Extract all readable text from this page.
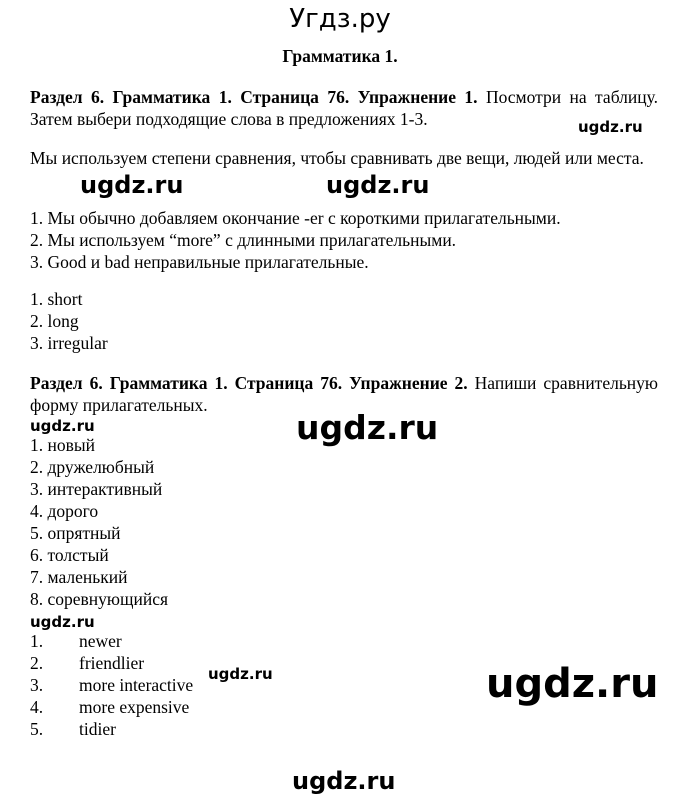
Угдз.ру
Грамматика 1.
Раздел 6. Грамматика 1. Страница 76. Упражнение 1. Посмотри на таблицу. Затем выбери подходящие слова в предложениях 1-3.
Мы используем степени сравнения, чтобы сравнивать две вещи, людей или места.
1. Мы обычно добавляем окончание -er с короткими прилагательными.
2. Мы используем “more” с длинными прилагательными.
3. Good и bad неправильные прилагательные.
1. short
2. long
3. irregular
Раздел 6. Грамматика 1. Страница 76. Упражнение 2. Напиши сравнительную форму прилагательных.
1. новый
2. дружелюбный
3. интерактивный
4. дорого
5. опрятный
6. толстый
7. маленький
8. соревнующийся
1. newer
2. friendlier
3. more interactive
4. more expensive
5. tidier
ugdz.ru
ugdz.ru	ugdz.ru
ugdz.ru	ugdz.ru
ugdz.ru
ugdz.ru	ugdz.ru
ugdz.ru
